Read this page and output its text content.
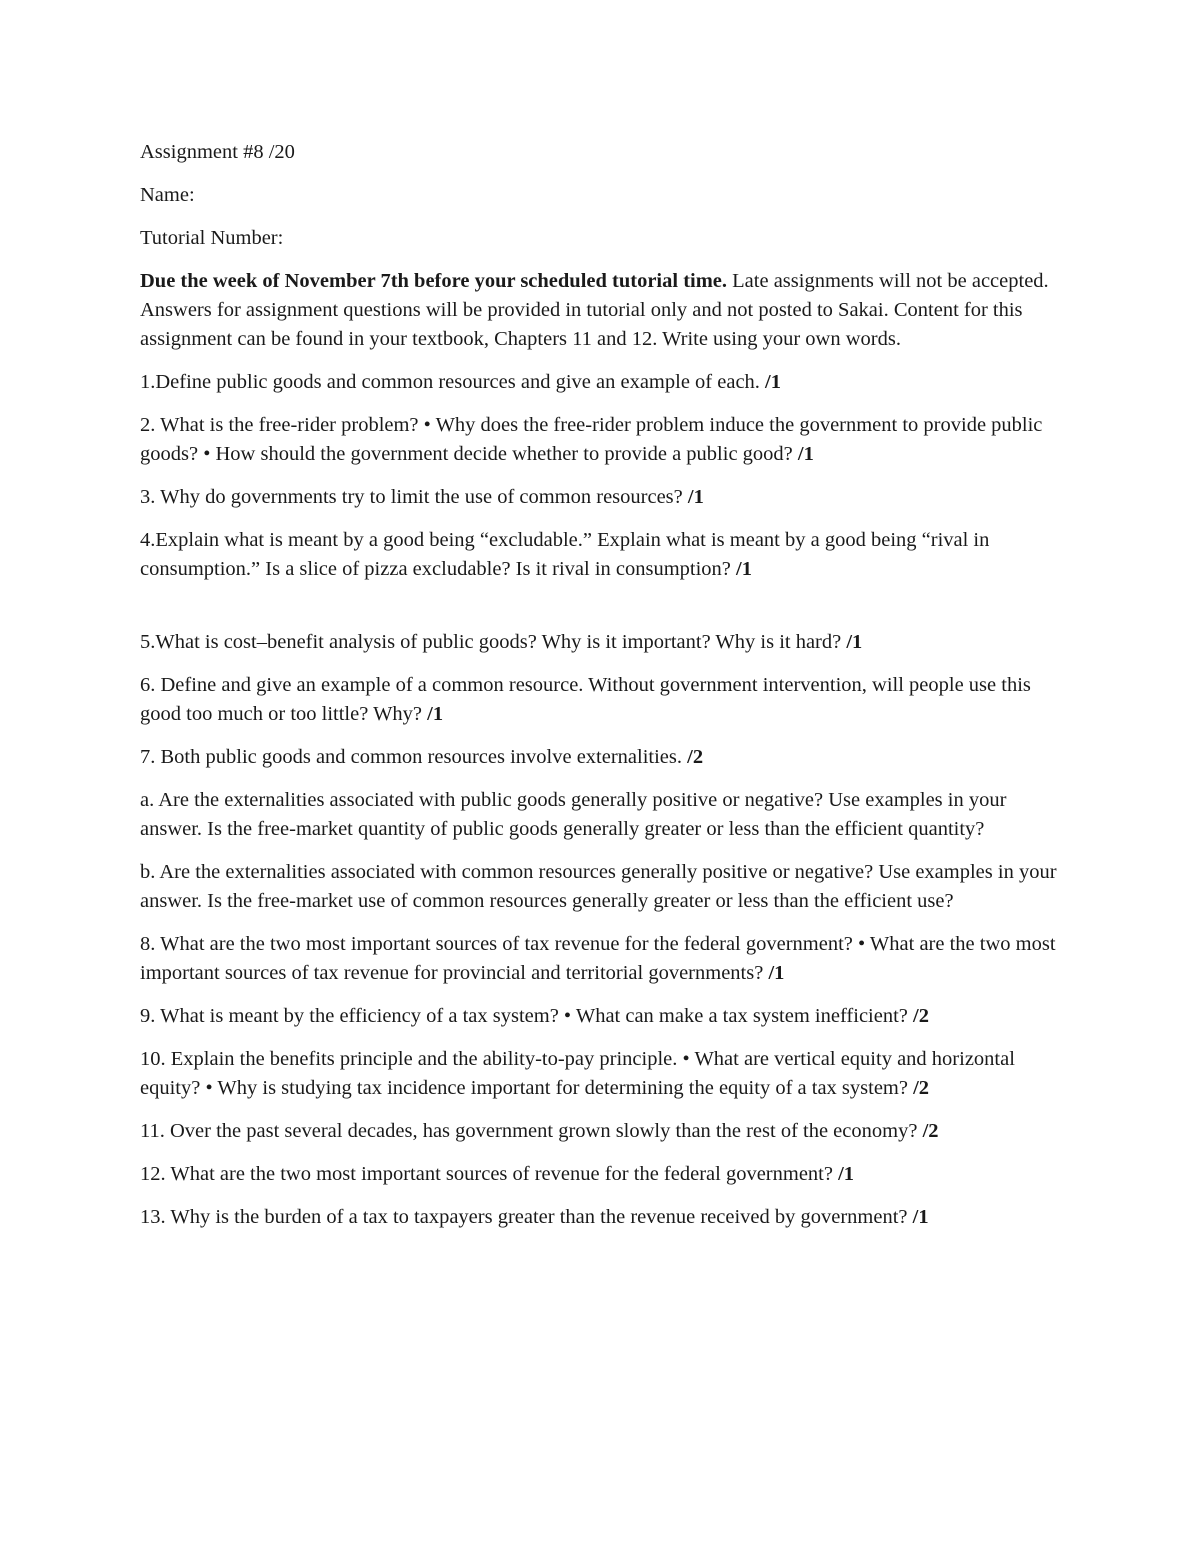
Assignment #8 /20

Name:

Tutorial Number:

Due the week of November 7th before your scheduled tutorial time. Late assignments will not be accepted. Answers for assignment questions will be provided in tutorial only and not posted to Sakai. Content for this assignment can be found in your textbook, Chapters 11 and 12. Write using your own words.

1.Define public goods and common resources and give an example of each. /1

2. What is the free-rider problem? • Why does the free-rider problem induce the government to provide public goods? • How should the government decide whether to provide a public good? /1

3. Why do governments try to limit the use of common resources? /1

4.Explain what is meant by a good being “excludable.” Explain what is meant by a good being “rival in consumption.” Is a slice of pizza excludable? Is it rival in consumption? /1

5.What is cost–benefit analysis of public goods? Why is it important? Why is it hard? /1

6. Define and give an example of a common resource. Without government intervention, will people use this good too much or too little? Why? /1

7. Both public goods and common resources involve externalities. /2

a. Are the externalities associated with public goods generally positive or negative? Use examples in your answer. Is the free-market quantity of public goods generally greater or less than the efficient quantity?

b. Are the externalities associated with common resources generally positive or negative? Use examples in your answer. Is the free-market use of common resources generally greater or less than the efficient use?

8. What are the two most important sources of tax revenue for the federal government? • What are the two most important sources of tax revenue for provincial and territorial governments? /1

9. What is meant by the efficiency of a tax system? • What can make a tax system inefficient? /2

10. Explain the benefits principle and the ability-to-pay principle. • What are vertical equity and horizontal equity? • Why is studying tax incidence important for determining the equity of a tax system? /2

11. Over the past several decades, has government grown slowly than the rest of the economy? /2

12. What are the two most important sources of revenue for the federal government? /1

13. Why is the burden of a tax to taxpayers greater than the revenue received by government? /1
